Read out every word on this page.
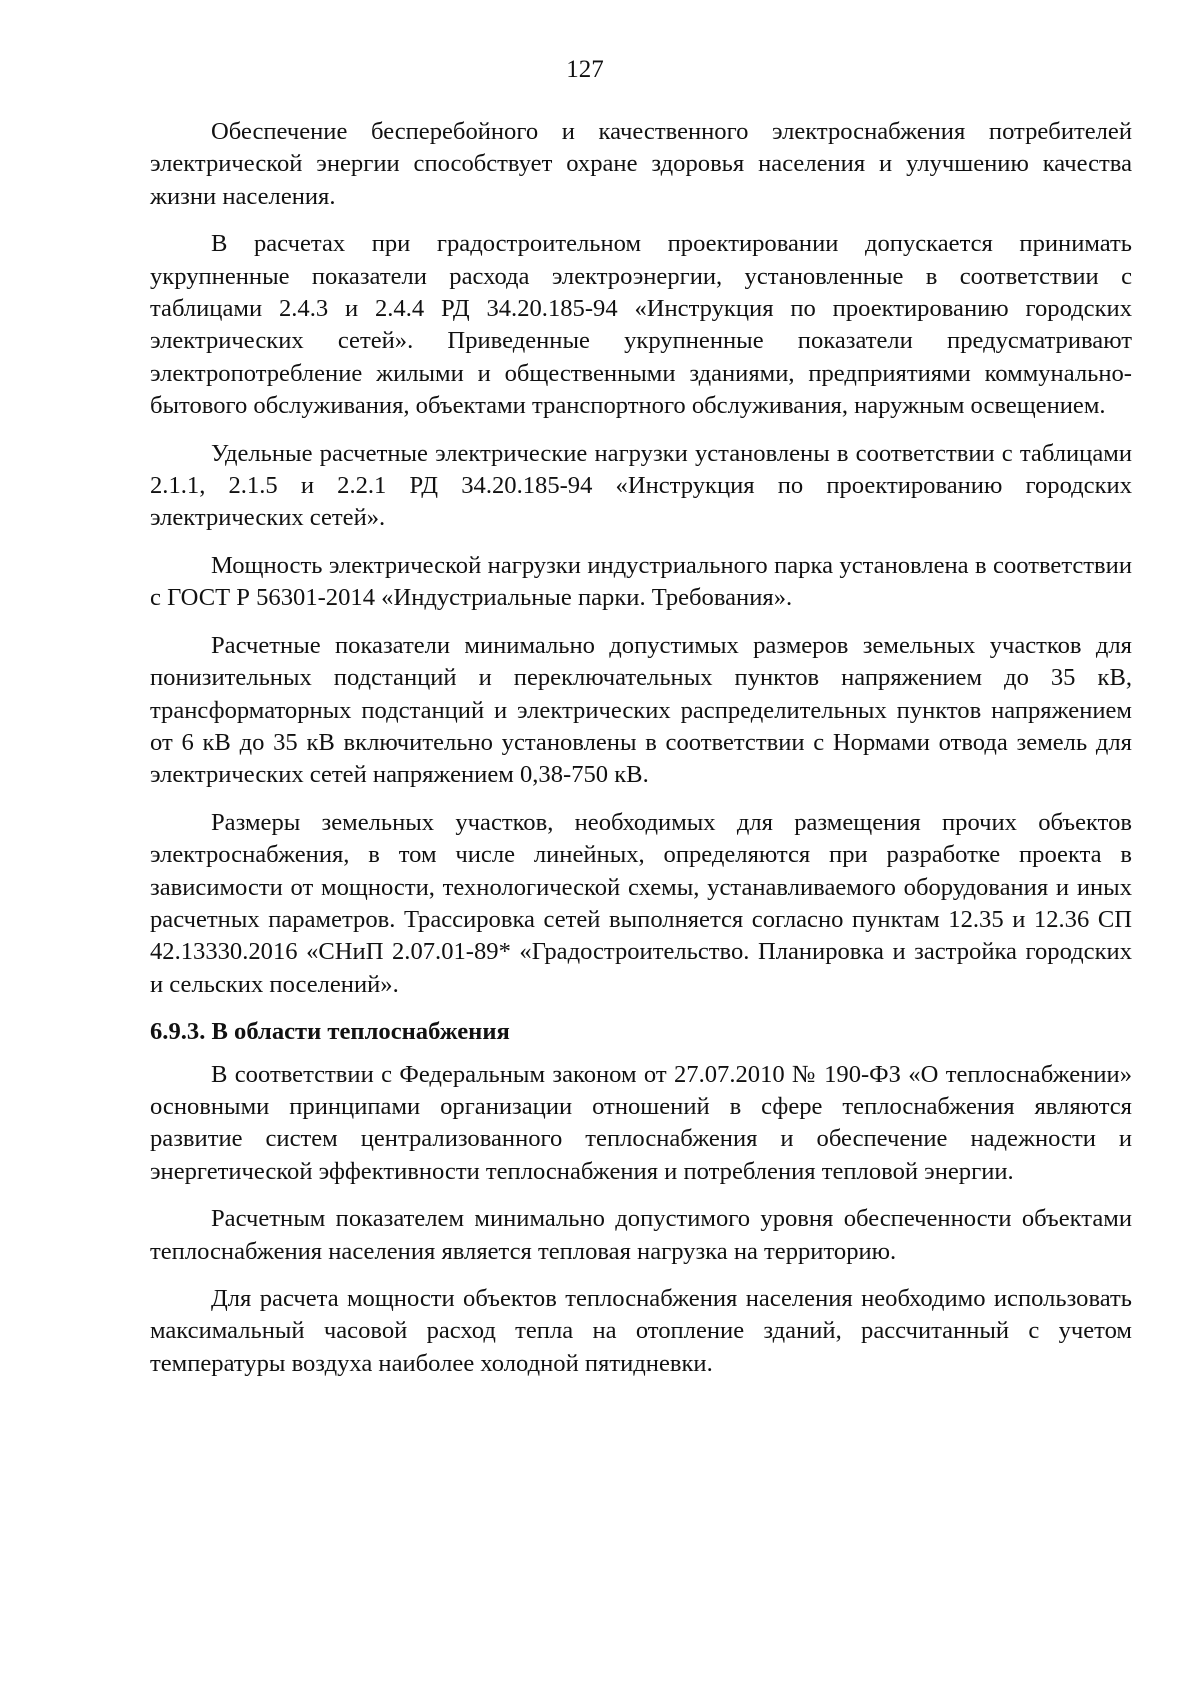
127

Обеспечение бесперебойного и качественного электроснабжения потребителей электрической энергии способствует охране здоровья населения и улучшению качества жизни населения.

В расчетах при градостроительном проектировании допускается принимать укрупненные показатели расхода электроэнергии, установленные в соответствии с таблицами 2.4.3 и 2.4.4 РД 34.20.185-94 «Инструкция по проектированию городских электрических сетей». Приведенные укрупненные показатели предусматривают электропотребление жилыми и общественными зданиями, предприятиями коммунально-бытового обслуживания, объектами транспортного обслуживания, наружным освещением.

Удельные расчетные электрические нагрузки установлены в соответствии с таблицами 2.1.1, 2.1.5 и 2.2.1 РД 34.20.185-94 «Инструкция по проектированию городских электрических сетей».

Мощность электрической нагрузки индустриального парка установлена в соответствии с ГОСТ Р 56301-2014 «Индустриальные парки. Требования».

Расчетные показатели минимально допустимых размеров земельных участков для понизительных подстанций и переключательных пунктов напряжением до 35 кВ, трансформаторных подстанций и электрических распределительных пунктов напряжением от 6 кВ до 35 кВ включительно установлены в соответствии с Нормами отвода земель для электрических сетей напряжением 0,38-750 кВ.

Размеры земельных участков, необходимых для размещения прочих объектов электроснабжения, в том числе линейных, определяются при разработке проекта в зависимости от мощности, технологической схемы, устанавливаемого оборудования и иных расчетных параметров. Трассировка сетей выполняется согласно пунктам 12.35 и 12.36 СП 42.13330.2016 «СНиП 2.07.01-89* «Градостроительство. Планировка и застройка городских и сельских поселений».

6.9.3. В области теплоснабжения

В соответствии с Федеральным законом от 27.07.2010 № 190-ФЗ «О теплоснабжении» основными принципами организации отношений в сфере теплоснабжения являются развитие систем централизованного теплоснабжения и обеспечение надежности и энергетической эффективности теплоснабжения и потребления тепловой энергии.

Расчетным показателем минимально допустимого уровня обеспеченности объектами теплоснабжения населения является тепловая нагрузка на территорию.

Для расчета мощности объектов теплоснабжения населения необходимо использовать максимальный часовой расход тепла на отопление зданий, рассчитанный с учетом температуры воздуха наиболее холодной пятидневки.
